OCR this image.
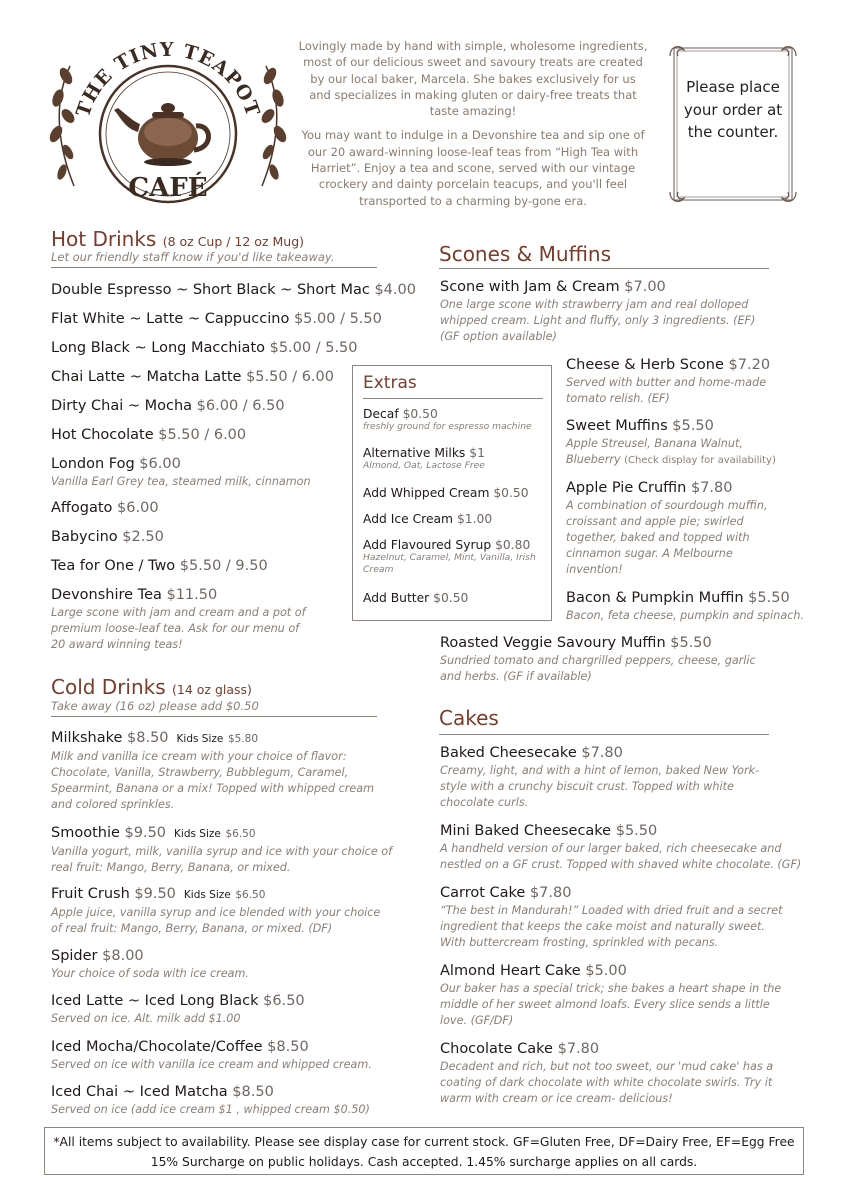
THE TINY TEAPOT
CAFÉ

Lovingly made by hand with simple, wholesome ingredients, most of our delicious sweet and savoury treats are created by our local baker, Marcela. She bakes exclusively for us and specializes in making gluten or dairy-free treats that taste amazing!

You may want to indulge in a Devonshire tea and sip one of our 20 award-winning loose-leaf teas from “High Tea with Harriet”. Enjoy a tea and scone, served with our vintage crockery and dainty porcelain teacups, and you'll feel transported to a charming by-gone era.

Please place your order at the counter.
Hot Drinks (8 oz Cup / 12 oz Mug)
Let our friendly staff know if you'd like takeaway.
Double Espresso ~ Short Black ~ Short Mac $4.00
Flat White ~ Latte ~ Cappuccino $5.00 / 5.50
Long Black ~ Long Macchiato $5.00 / 5.50
Chai Latte ~ Matcha Latte $5.50 / 6.00
Dirty Chai ~ Mocha $6.00 / 6.50
Hot Chocolate $5.50 / 6.00
London Fog $6.00
Vanilla Earl Grey tea, steamed milk, cinnamon
Affogato $6.00
Babycino $2.50
Tea for One / Two $5.50 / 9.50
Devonshire Tea $11.50
Large scone with jam and cream and a pot of premium loose-leaf tea. Ask for our menu of 20 award winning teas!
Cold Drinks (14 oz glass)
Take away (16 oz) please add $0.50
Milkshake $8.50 Kids Size $5.80
Milk and vanilla ice cream with your choice of flavor: Chocolate, Vanilla, Strawberry, Bubblegum, Caramel, Spearmint, Banana or a mix! Topped with whipped cream and colored sprinkles.
Smoothie $9.50 Kids Size $6.50
Vanilla yogurt, milk, vanilla syrup and ice with your choice of real fruit: Mango, Berry, Banana, or mixed.
Fruit Crush $9.50 Kids Size $6.50
Apple juice, vanilla syrup and ice blended with your choice of real fruit: Mango, Berry, Banana, or mixed. (DF)
Spider $8.00
Your choice of soda with ice cream.
Iced Latte ~ Iced Long Black $6.50
Served on ice. Alt. milk add $1.00
Iced Mocha/Chocolate/Coffee $8.50
Served on ice with vanilla ice cream and whipped cream.
Iced Chai ~ Iced Matcha $8.50
Served on ice (add ice cream $1 , whipped cream $0.50)
Extras
Decaf $0.50
freshly ground for espresso machine
Alternative Milks $1
Almond, Oat, Lactose Free
Add Whipped Cream $0.50
Add Ice Cream $1.00
Add Flavoured Syrup $0.80
Hazelnut, Caramel, Mint, Vanilla, Irish Cream
Add Butter $0.50
Scones & Muffins
Scone with Jam & Cream $7.00
One large scone with strawberry jam and real dolloped whipped cream. Light and fluffy, only 3 ingredients. (EF) (GF option available)
Cheese & Herb Scone $7.20
Served with butter and home-made tomato relish. (EF)
Sweet Muffins $5.50
Apple Streusel, Banana Walnut, Blueberry (Check display for availability)
Apple Pie Cruffin $7.80
A combination of sourdough muffin, croissant and apple pie; swirled together, baked and topped with cinnamon sugar. A Melbourne invention!
Bacon & Pumpkin Muffin $5.50
Bacon, feta cheese, pumpkin and spinach.
Roasted Veggie Savoury Muffin $5.50
Sundried tomato and chargrilled peppers, cheese, garlic and herbs. (GF if available)
Cakes
Baked Cheesecake $7.80
Creamy, light, and with a hint of lemon, baked New York-style with a crunchy biscuit crust. Topped with white chocolate curls.
Mini Baked Cheesecake $5.50
A handheld version of our larger baked, rich cheesecake and nestled on a GF crust. Topped with shaved white chocolate. (GF)
Carrot Cake $7.80
“The best in Mandurah!” Loaded with dried fruit and a secret ingredient that keeps the cake moist and naturally sweet. With buttercream frosting, sprinkled with pecans.
Almond Heart Cake $5.00
Our baker has a special trick; she bakes a heart shape in the middle of her sweet almond loafs. Every slice sends a little love. (GF/DF)
Chocolate Cake $7.80
Decadent and rich, but not too sweet, our 'mud cake' has a coating of dark chocolate with white chocolate swirls. Try it warm with cream or ice cream- delicious!
*All items subject to availability. Please see display case for current stock. GF=Gluten Free, DF=Dairy Free, EF=Egg Free
15% Surcharge on public holidays. Cash accepted. 1.45% surcharge applies on all cards.
